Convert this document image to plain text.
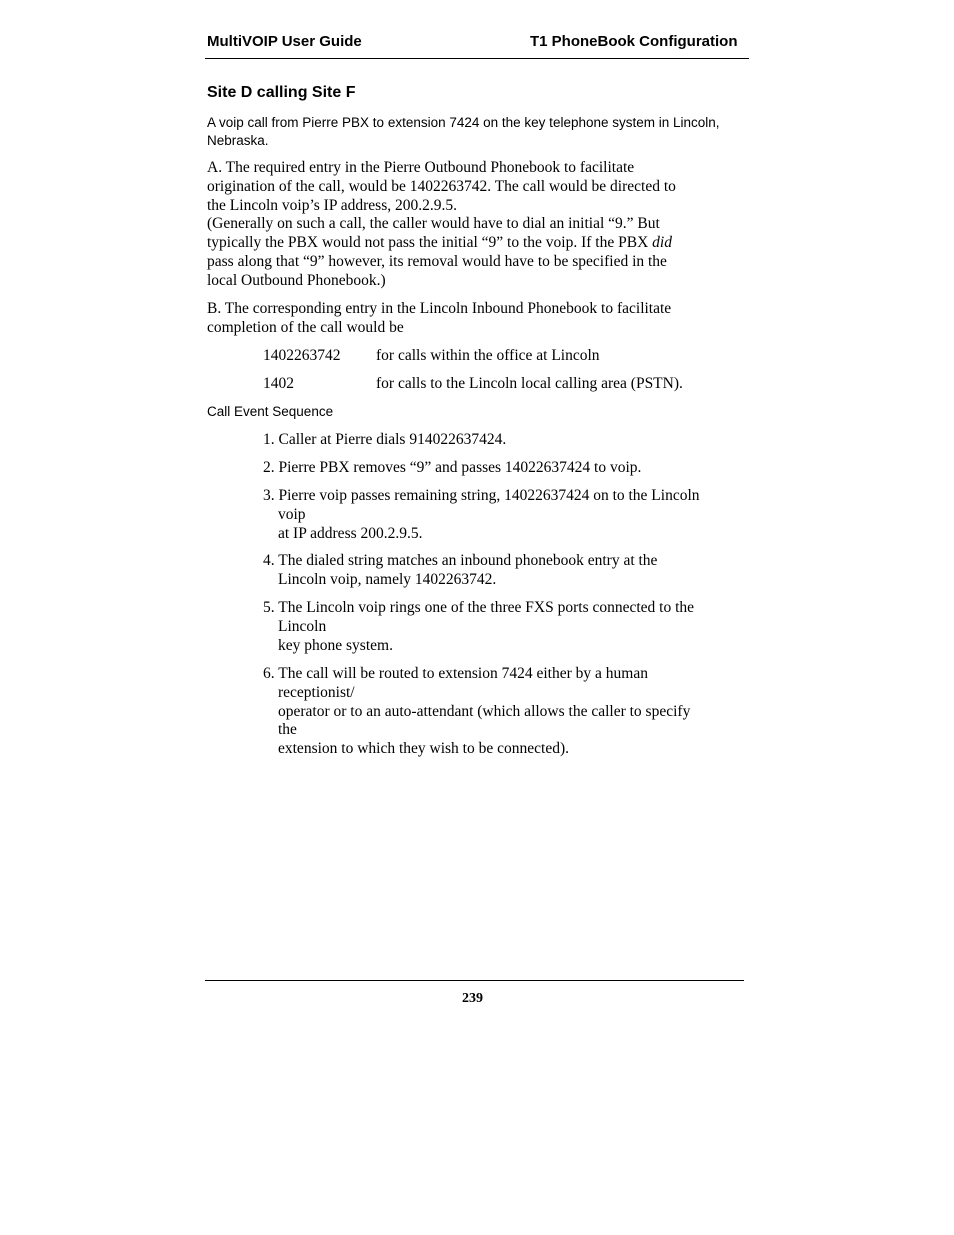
MultiVOIP User Guide	T1 PhoneBook Configuration
Site D calling Site F
A voip call from Pierre PBX to extension 7424 on the key telephone system in Lincoln, Nebraska.
A. The required entry in the Pierre Outbound Phonebook to facilitate
origination of the call, would be 1402263742. The call would be directed to
the Lincoln voip’s IP address, 200.2.9.5.
(Generally on such a call, the caller would have to dial an initial “9.” But
typically the PBX would not pass the initial “9” to the voip. If the PBX did
pass along that “9” however, its removal would have to be specified in the
local Outbound Phonebook.)
B. The corresponding entry in the Lincoln Inbound Phonebook to facilitate
completion of the call would be
1402263742 for calls within the office at Lincoln
1402	for calls to the Lincoln local calling area (PSTN).
Call Event Sequence
1. Caller at Pierre dials 914022637424.
2. Pierre PBX removes “9” and passes 14022637424 to voip.
3. Pierre voip passes remaining string, 14022637424 on to the Lincoln
voip
at IP address 200.2.9.5.
4. The dialed string matches an inbound phonebook entry at the
Lincoln voip, namely 1402263742.
5. The Lincoln voip rings one of the three FXS ports connected to the
Lincoln
key phone system.
6. The call will be routed to extension 7424 either by a human
receptionist/
operator or to an auto-attendant (which allows the caller to specify
the
extension to which they wish to be connected).
239
